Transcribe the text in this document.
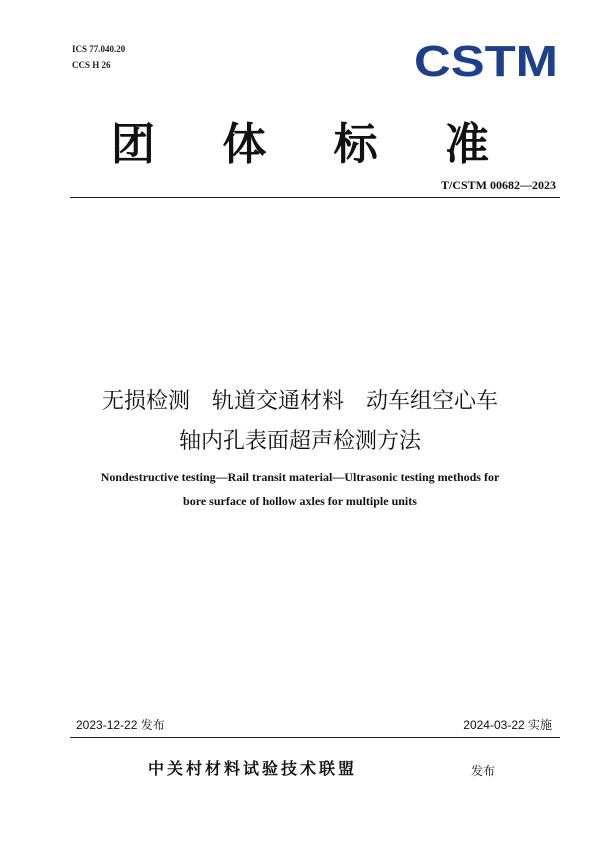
ICS 77.040.20
CCS H 26	CSTM
团 体 标 准
T/CSTM 00682—2023
无损检测　轨道交通材料　动车组空心车
轴内孔表面超声检测方法
Nondestructive testing—Rail transit material—Ultrasonic testing methods for
bore surface of hollow axles for multiple units
2023-12-22 发布	2024-03-22 实施
中关村材料试验技术联盟	发布
